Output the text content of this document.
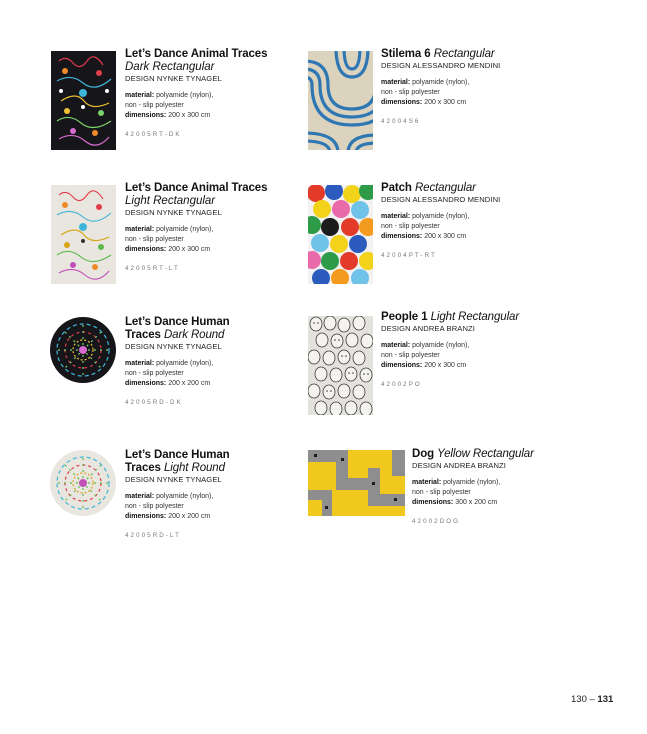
Let’s Dance Animal Traces
Dark Rectangular
DESIGN NYNKE TYNAGEL
material: polyamide (nylon),
non - slip polyester
dimensions: 200 x 300 cm
42005RT-DK
Stilema 6 Rectangular
DESIGN ALESSANDRO MENDINI
material: polyamide (nylon),
non - slip polyester
dimensions: 200 x 300 cm
42004S6
Let’s Dance Animal Traces
Light Rectangular
DESIGN NYNKE TYNAGEL
material: polyamide (nylon),
non - slip polyester
dimensions: 200 x 300 cm
42005RT-LT
Patch Rectangular
DESIGN ALESSANDRO MENDINI
material: polyamide (nylon),
non - slip polyester
dimensions: 200 x 300 cm
42004PT-RT
Let’s Dance Human Traces Dark Round
DESIGN NYNKE TYNAGEL
material: polyamide (nylon),
non - slip polyester
dimensions: 200 x 200 cm
42005RD-DK
People 1 Light Rectangular
DESIGN ANDREA BRANZI
material: polyamide (nylon),
non - slip polyester
dimensions: 200 x 300 cm
42002PO
Let’s Dance Human Traces Light Round
DESIGN NYNKE TYNAGEL
material: polyamide (nylon),
non - slip polyester
dimensions: 200 x 200 cm
42005RD-LT
Dog Yellow Rectangular
DESIGN ANDREA BRANZI
material: polyamide (nylon),
non - slip polyester
dimensions: 300 x 200 cm
42002DOG
130 – 131
